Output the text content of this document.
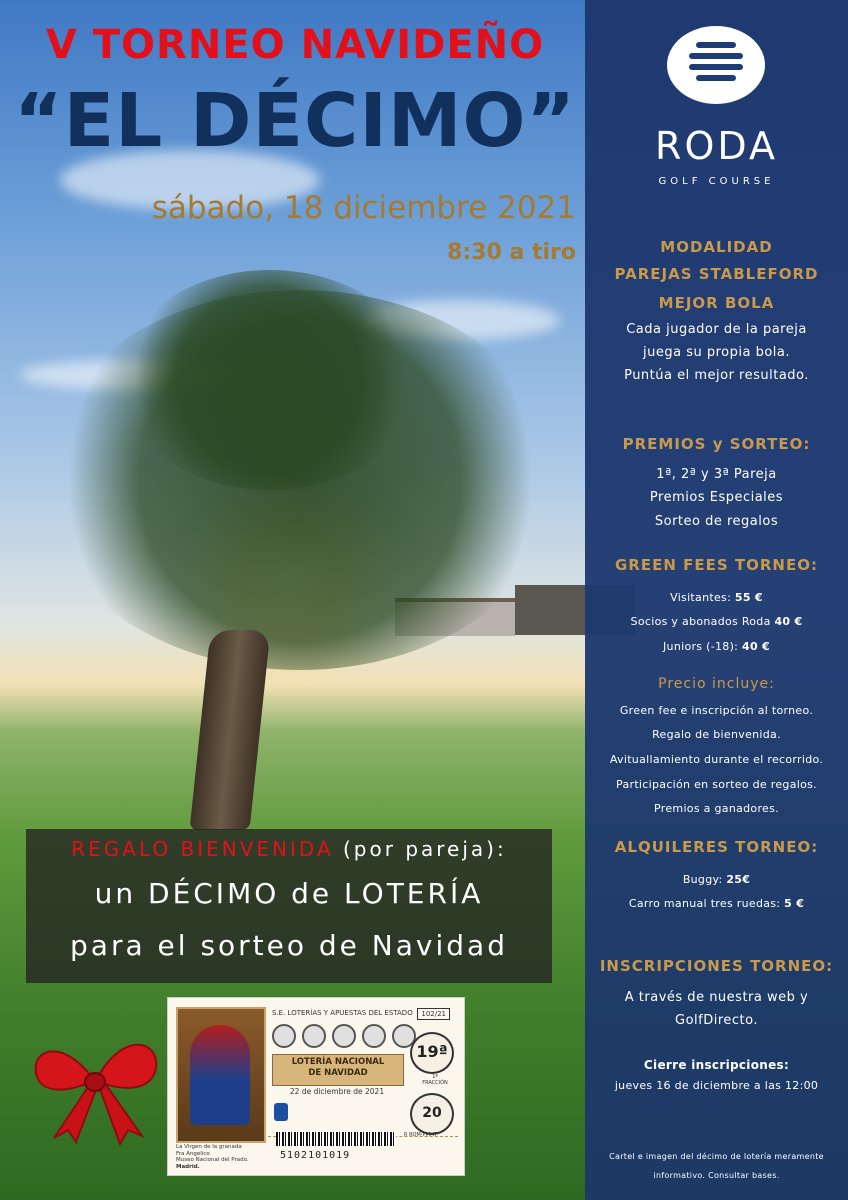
V TORNEO NAVIDEÑO
“EL DÉCIMO”
sábado, 18 diciembre 2021
8:30 a tiro
RODA
GOLF COURSE
MODALIDAD
PAREJAS STABLEFORD
MEJOR BOLA
Cada jugador de la pareja
juega su propia bola.
Puntúa el mejor resultado.
PREMIOS y SORTEO:
1ª, 2ª y 3ª Pareja
Premios Especiales
Sorteo de regalos
GREEN FEES TORNEO:
Visitantes: 55 €
Socios y abonados Roda 40 €
Juniors (-18): 40 €
Precio incluye:
Green fee e inscripción al torneo.
Regalo de bienvenida.
Avituallamiento durante el recorrido.
Participación en sorteo de regalos.
Premios a ganadores.
ALQUILERES TORNEO:
Buggy: 25€
Carro manual tres ruedas: 5 €
INSCRIPCIONES TORNEO:
A través de nuestra web y
GolfDirecto.
Cierre inscripciones:
jueves 16 de diciembre a las 12:00
Cartel e imagen del décimo de lotería meramente
informativo. Consultar bases.
REGALO BIENVENIDA (por pareja):
un DÉCIMO de LOTERÍA
para el sorteo de Navidad
La Virgen de la granada
Fra Angelico
Museo Nacional del Prado.
Madrid.
S.E. LOTERÍAS Y APUESTAS DEL ESTADO	102/21
LOTERÍA NACIONAL
DE NAVIDAD
22 de diciembre de 2021
19ª
1ª FRACCIÓN
20
R ROM-PMMT
5102101019
